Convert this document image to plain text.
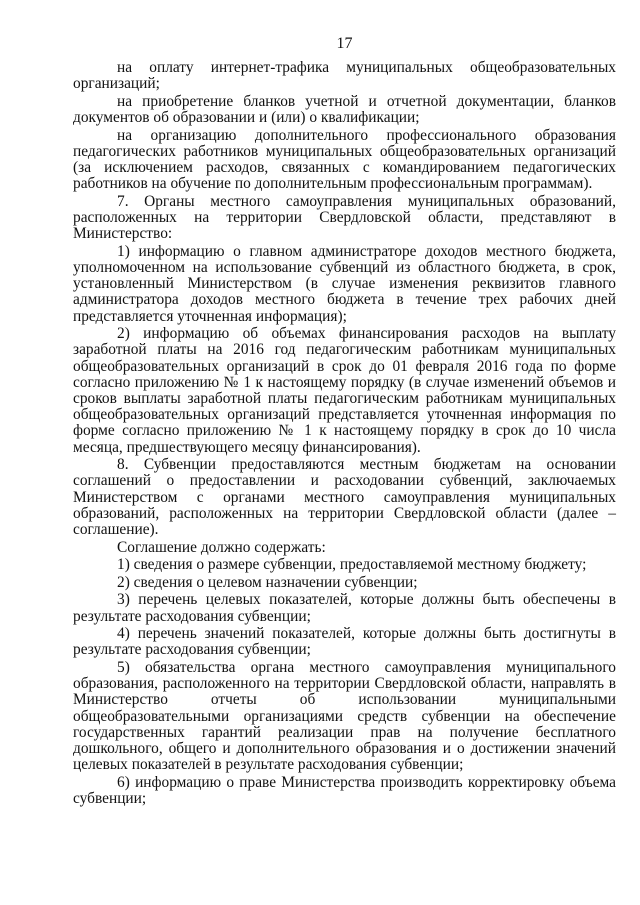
17

на оплату интернет-трафика муниципальных общеобразовательных организаций;

на приобретение бланков учетной и отчетной документации, бланков документов об образовании и (или) о квалификации;

на организацию дополнительного профессионального образования педагогических работников муниципальных общеобразовательных организаций (за исключением расходов, связанных с командированием педагогических работников на обучение по дополнительным профессиональным программам).

7. Органы местного самоуправления муниципальных образований, расположенных на территории Свердловской области, представляют в Министерство:

1) информацию о главном администраторе доходов местного бюджета, уполномоченном на использование субвенций из областного бюджета, в срок, установленный Министерством (в случае изменения реквизитов главного администратора доходов местного бюджета в течение трех рабочих дней представляется уточненная информация);

2) информацию об объемах финансирования расходов на выплату заработной платы на 2016 год педагогическим работникам муниципальных общеобразовательных организаций в срок до 01 февраля 2016 года по форме согласно приложению № 1 к настоящему порядку (в случае изменений объемов и сроков выплаты заработной платы педагогическим работникам муниципальных общеобразовательных организаций представляется уточненная информация по форме согласно приложению № 1 к настоящему порядку в срок до 10 числа месяца, предшествующего месяцу финансирования).

8. Субвенции предоставляются местным бюджетам на основании соглашений о предоставлении и расходовании субвенций, заключаемых Министерством с органами местного самоуправления муниципальных образований, расположенных на территории Свердловской области (далее – соглашение).

Соглашение должно содержать:

1) сведения о размере субвенции, предоставляемой местному бюджету;

2) сведения о целевом назначении субвенции;

3) перечень целевых показателей, которые должны быть обеспечены в результате расходования субвенции;

4) перечень значений показателей, которые должны быть достигнуты в результате расходования субвенции;

5) обязательства органа местного самоуправления муниципального образования, расположенного на территории Свердловской области, направлять в Министерство отчеты об использовании муниципальными общеобразовательными организациями средств субвенции на обеспечение государственных гарантий реализации прав на получение бесплатного дошкольного, общего и дополнительного образования и о достижении значений целевых показателей в результате расходования субвенции;

6) информацию о праве Министерства производить корректировку объема субвенции;
